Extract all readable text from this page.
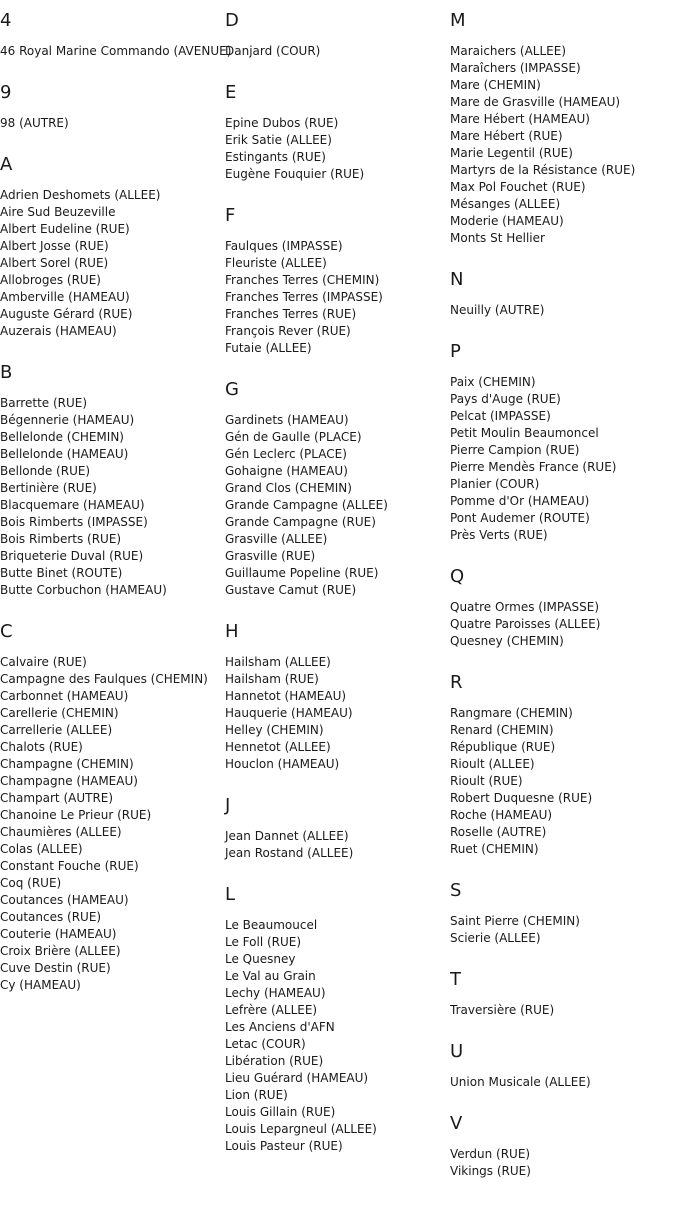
4
46 Royal Marine Commando (AVENUE)
9
98 (AUTRE)
A
Adrien Deshomets (ALLEE)
Aire Sud Beuzeville
Albert Eudeline (RUE)
Albert Josse (RUE)
Albert Sorel (RUE)
Allobroges (RUE)
Amberville (HAMEAU)
Auguste Gérard (RUE)
Auzerais (HAMEAU)
B
Barrette (RUE)
Bégennerie (HAMEAU)
Bellelonde (CHEMIN)
Bellelonde (HAMEAU)
Bellonde (RUE)
Bertinière (RUE)
Blacquemare (HAMEAU)
Bois Rimberts (IMPASSE)
Bois Rimberts (RUE)
Briqueterie Duval (RUE)
Butte Binet (ROUTE)
Butte Corbuchon (HAMEAU)
C
Calvaire (RUE)
Campagne des Faulques (CHEMIN)
Carbonnet (HAMEAU)
Carellerie (CHEMIN)
Carrellerie (ALLEE)
Chalots (RUE)
Champagne (CHEMIN)
Champagne (HAMEAU)
Champart (AUTRE)
Chanoine Le Prieur (RUE)
Chaumières (ALLEE)
Colas (ALLEE)
Constant Fouche (RUE)
Coq (RUE)
Coutances (HAMEAU)
Coutances (RUE)
Couterie (HAMEAU)
Croix Brière (ALLEE)
Cuve Destin (RUE)
Cy (HAMEAU)
D
Danjard (COUR)
E
Epine Dubos (RUE)
Erik Satie (ALLEE)
Estingants (RUE)
Eugène Fouquier (RUE)
F
Faulques (IMPASSE)
Fleuriste (ALLEE)
Franches Terres (CHEMIN)
Franches Terres (IMPASSE)
Franches Terres (RUE)
François Rever (RUE)
Futaie (ALLEE)
G
Gardinets (HAMEAU)
Gén de Gaulle (PLACE)
Gén Leclerc (PLACE)
Gohaigne (HAMEAU)
Grand Clos (CHEMIN)
Grande Campagne (ALLEE)
Grande Campagne (RUE)
Grasville (ALLEE)
Grasville (RUE)
Guillaume Popeline (RUE)
Gustave Camut (RUE)
H
Hailsham (ALLEE)
Hailsham (RUE)
Hannetot (HAMEAU)
Hauquerie (HAMEAU)
Helley (CHEMIN)
Hennetot (ALLEE)
Houclon (HAMEAU)
J
Jean Dannet (ALLEE)
Jean Rostand (ALLEE)
L
Le Beaumoucel
Le Foll (RUE)
Le Quesney
Le Val au Grain
Lechy (HAMEAU)
Lefrère (ALLEE)
Les Anciens d'AFN
Letac (COUR)
Libération (RUE)
Lieu Guérard (HAMEAU)
Lion (RUE)
Louis Gillain (RUE)
Louis Lepargneul (ALLEE)
Louis Pasteur (RUE)
M
Maraichers (ALLEE)
Maraîchers (IMPASSE)
Mare (CHEMIN)
Mare de Grasville (HAMEAU)
Mare Hébert (HAMEAU)
Mare Hébert (RUE)
Marie Legentil (RUE)
Martyrs de la Résistance (RUE)
Max Pol Fouchet (RUE)
Mésanges (ALLEE)
Moderie (HAMEAU)
Monts St Hellier
N
Neuilly (AUTRE)
P
Paix (CHEMIN)
Pays d'Auge (RUE)
Pelcat (IMPASSE)
Petit Moulin Beaumoncel
Pierre Campion (RUE)
Pierre Mendès France (RUE)
Planier (COUR)
Pomme d'Or (HAMEAU)
Pont Audemer (ROUTE)
Près Verts (RUE)
Q
Quatre Ormes (IMPASSE)
Quatre Paroisses (ALLEE)
Quesney (CHEMIN)
R
Rangmare (CHEMIN)
Renard (CHEMIN)
République (RUE)
Rioult (ALLEE)
Rioult (RUE)
Robert Duquesne (RUE)
Roche (HAMEAU)
Roselle (AUTRE)
Ruet (CHEMIN)
S
Saint Pierre (CHEMIN)
Scierie (ALLEE)
T
Traversière (RUE)
U
Union Musicale (ALLEE)
V
Verdun (RUE)
Vikings (RUE)
